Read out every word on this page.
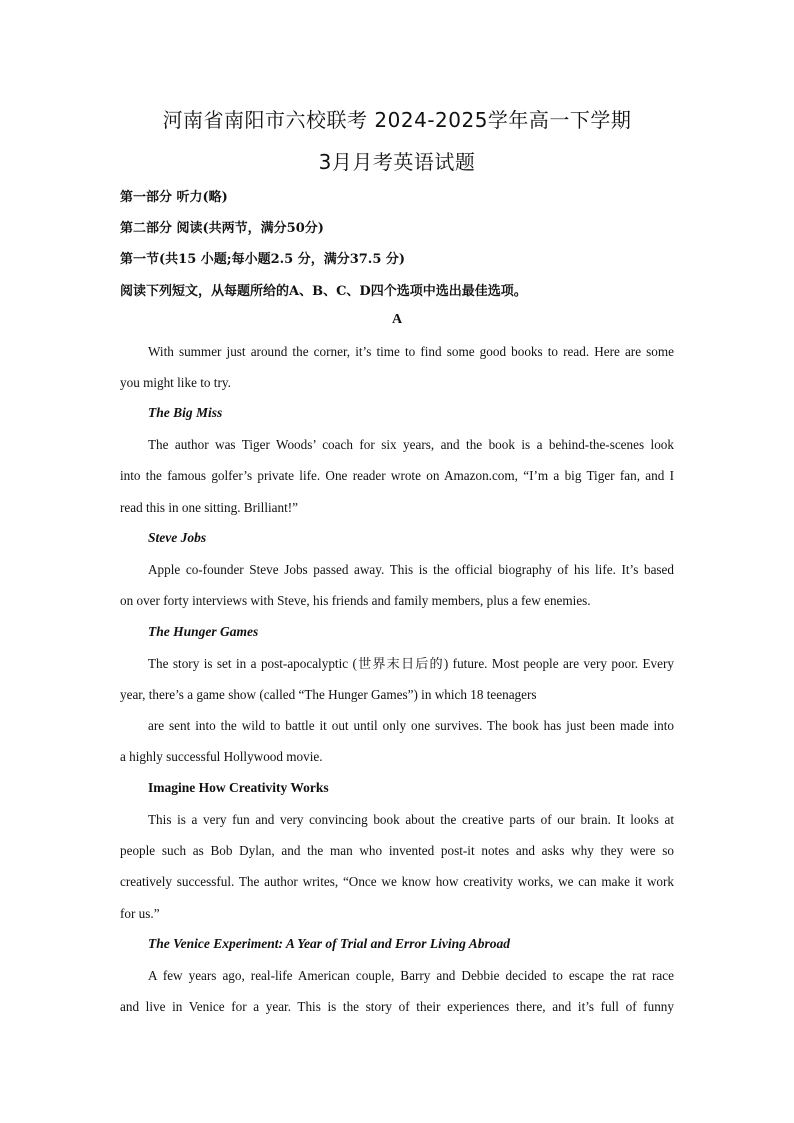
河南省南阳市六校联考 2024-2025学年高一下学期
3月月考英语试题
第一部分 听力(略)
第二部分 阅读(共两节，满分50分)
第一节(共15 小题;每小题2.5 分，满分37.5 分)
阅读下列短文，从每题所给的A、B、C、D四个选项中选出最佳选项。
A
With summer just around the corner, it’s time to find some good books to read. Here are some
you might like to try.
The Big Miss
The author was Tiger Woods’ coach for six years, and the book is a behind-the-scenes look
into the famous golfer’s private life. One reader wrote on Amazon.com, “I’m a big Tiger fan, and I
read this in one sitting. Brilliant!”
Steve Jobs
Apple co-founder Steve Jobs passed away. This is the official biography of his life. It’s based
on over forty interviews with Steve, his friends and family members, plus a few enemies.
The Hunger Games
The story is set in a post-apocalyptic (世界末日后的) future. Most people are very poor. Every
year, there’s a game show (called “The Hunger Games”) in which 18 teenagers
are sent into the wild to battle it out until only one survives. The book has just been made into
a highly successful Hollywood movie.
Imagine How Creativity Works
This is a very fun and very convincing book about the creative parts of our brain. It looks at
people such as Bob Dylan, and the man who invented post-it notes and asks why they were so
creatively successful. The author writes, “Once we know how creativity works, we can make it work
for us.”
The Venice Experiment: A Year of Trial and Error Living Abroad
A few years ago, real-life American couple, Barry and Debbie decided to escape the rat race
and live in Venice for a year. This is the story of their experiences there, and it’s full of funny
